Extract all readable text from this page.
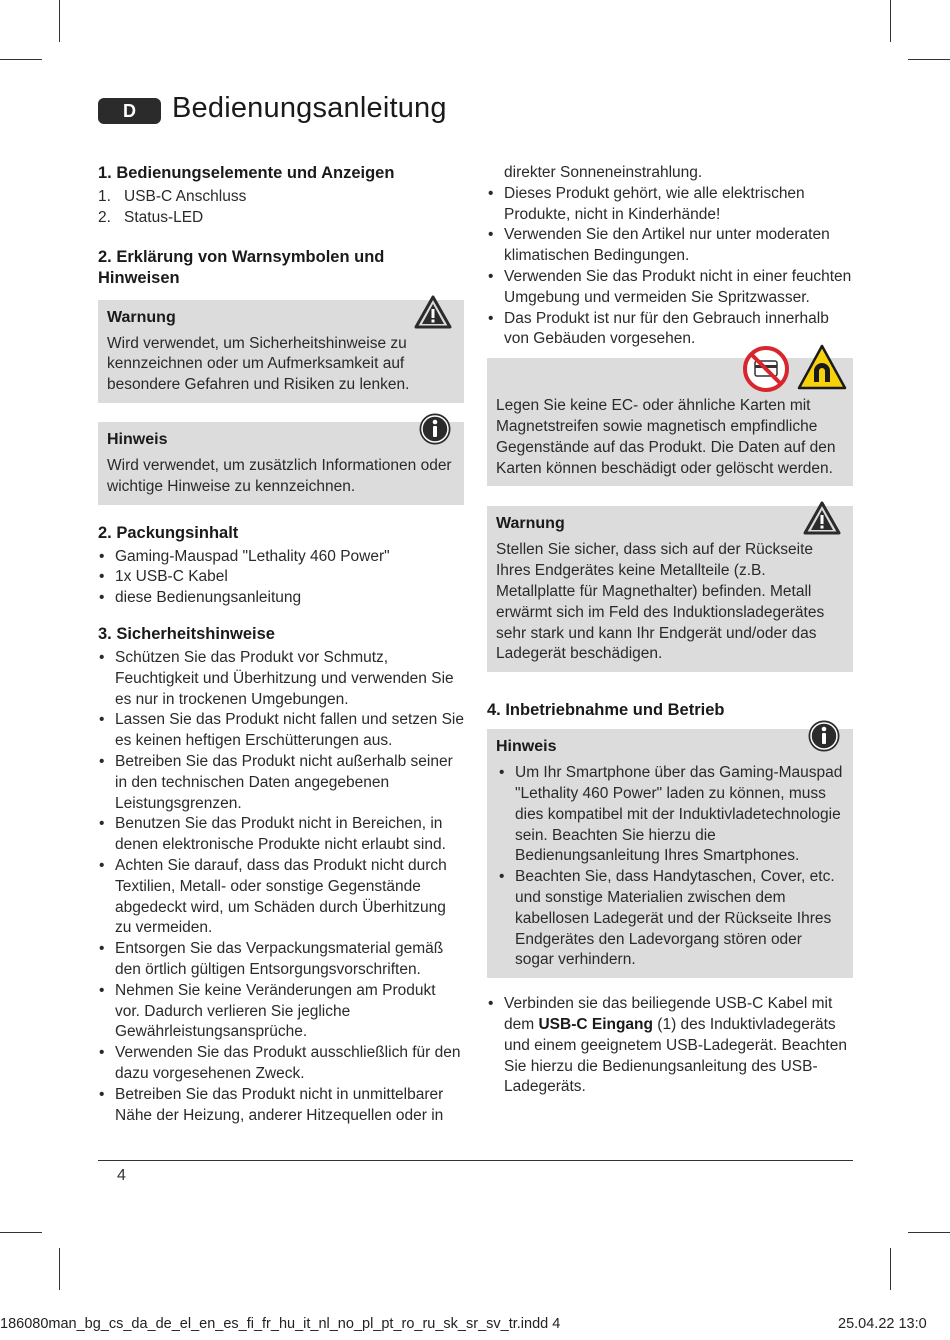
D	Bedienungsanleitung
1. Bedienungselemente und Anzeigen
1. USB-C Anschluss
2. Status-LED
2. Erklärung von Warnsymbolen und Hinweisen
Warnung

Wird verwendet, um Sicherheitshinweise zu kennzeichnen oder um Aufmerksamkeit auf besondere Gefahren und Risiken zu lenken.

Hinweis

Wird verwendet, um zusätzlich Informationen oder wichtige Hinweise zu kennzeichnen.

2. Packungsinhalt
• Gaming-Mauspad "Lethality 460 Power"
• 1x USB-C Kabel
• diese Bedienungsanleitung
3. Sicherheitshinweise
• Schützen Sie das Produkt vor Schmutz, Feuchtigkeit und Überhitzung und verwenden Sie es nur in trockenen Umgebungen.
• Lassen Sie das Produkt nicht fallen und setzen Sie es keinen heftigen Erschütterungen aus.
• Betreiben Sie das Produkt nicht außerhalb seiner in den technischen Daten angegebenen Leistungsgrenzen.
• Benutzen Sie das Produkt nicht in Bereichen, in denen elektronische Produkte nicht erlaubt sind.
• Achten Sie darauf, dass das Produkt nicht durch Textilien, Metall- oder sonstige Gegenstände abgedeckt wird, um Schäden durch Überhitzung zu vermeiden.
• Entsorgen Sie das Verpackungsmaterial gemäß den örtlich gültigen Entsorgungsvorschriften.
• Nehmen Sie keine Veränderungen am Produkt vor. Dadurch verlieren Sie jegliche Gewährleistungsansprüche.
• Verwenden Sie das Produkt ausschließlich für den dazu vorgesehenen Zweck.
• Betreiben Sie das Produkt nicht in unmittelbarer Nähe der Heizung, anderer Hitzequellen oder in
direkter Sonneneinstrahlung.
• Dieses Produkt gehört, wie alle elektrischen Produkte, nicht in Kinderhände!
• Verwenden Sie den Artikel nur unter moderaten klimatischen Bedingungen.
• Verwenden Sie das Produkt nicht in einer feuchten Umgebung und vermeiden Sie Spritzwasser.
• Das Produkt ist nur für den Gebrauch innerhalb von Gebäuden vorgesehen.

Legen Sie keine EC- oder ähnliche Karten mit Magnetstreifen sowie magnetisch empfindliche Gegenstände auf das Produkt. Die Daten auf den Karten können beschädigt oder gelöscht werden.

Warnung

Stellen Sie sicher, dass sich auf der Rückseite Ihres Endgerätes keine Metallteile (z.B. Metallplatte für Magnethalter) befinden. Metall erwärmt sich im Feld des Induktionsladegerätes sehr stark und kann Ihr Endgerät und/oder das Ladegerät beschädigen.

4. Inbetriebnahme und Betrieb
Hinweis
• Um Ihr Smartphone über das Gaming-Mauspad "Lethality 460 Power" laden zu können, muss dies kompatibel mit der Induktivladetechnologie sein. Beachten Sie hierzu die Bedienungsanleitung Ihres Smartphones.
• Beachten Sie, dass Handytaschen, Cover, etc. und sonstige Materialien zwischen dem kabellosen Ladegerät und der Rückseite Ihres Endgerätes den Ladevorgang stören oder sogar verhindern.
• Verbinden sie das beiliegende USB-C Kabel mit dem USB-C Eingang (1) des Induktivladegeräts und einem geeignetem USB-Ladegerät. Beachten Sie hierzu die Bedienungsanleitung des USB-Ladegeräts.
4
186080man_bg_cs_da_de_el_en_es_fi_fr_hu_it_nl_no_pl_pt_ro_ru_sk_sr_sv_tr.indd 4	25.04.22 13:0
